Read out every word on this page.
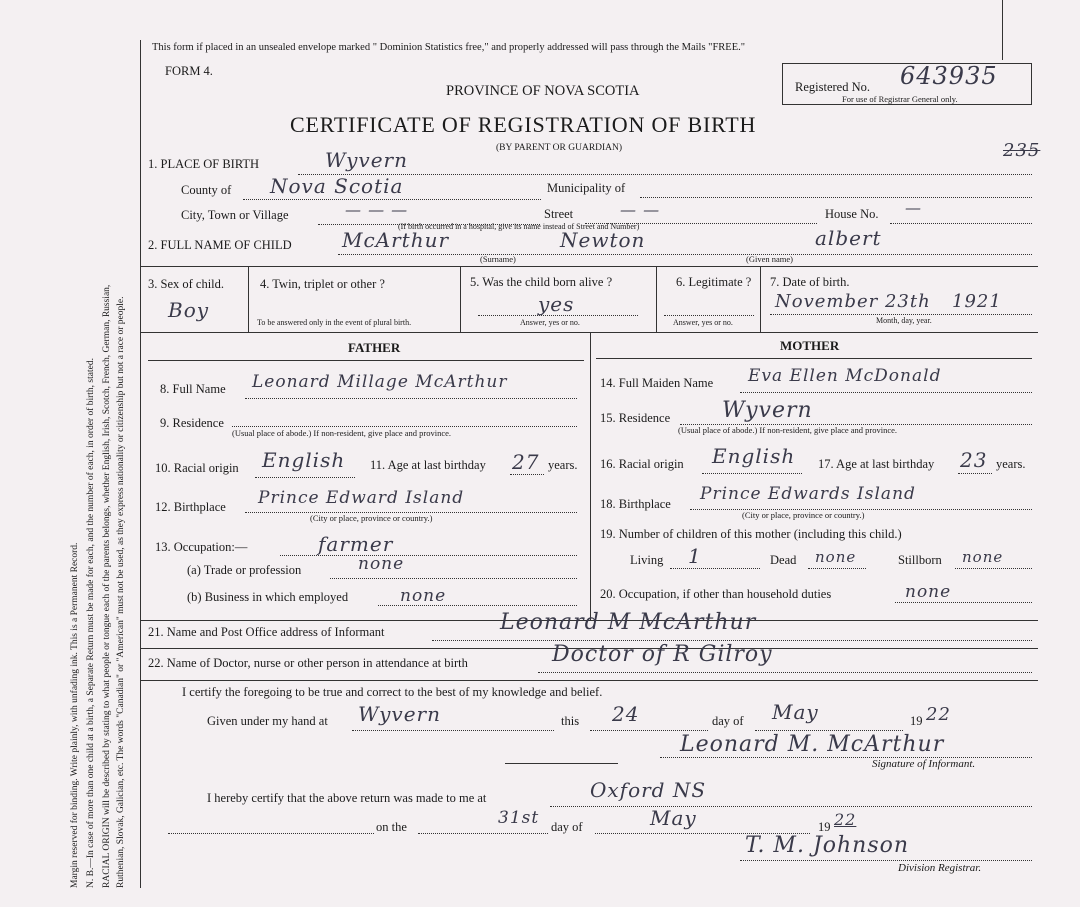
Margin reserved for binding. Write plainly, with unfading ink. This is a Permanent Record. N. B.—In case of more than one child at a birth, a Separate Return must be made for each, and the number of each, in order of birth, stated. RACIAL ORIGIN will be described by stating to what people or tongue each of the parents belongs, whether English, Irish, Scotch, French, German, Russian, Ruthenian, Slovak, Galician, etc. The words "Canadian" or "American" must not be used, as they express nationality or citizenship but not a race or people.
This form if placed in an unsealed envelope marked " Dominion Statistics free," and properly addressed will pass through the Mails "FREE."
FORM 4.
PROVINCE OF NOVA SCOTIA
CERTIFICATE OF REGISTRATION OF BIRTH
(BY PARENT OR GUARDIAN)
Registered No. 643935
For use of Registrar General only.
235
1. PLACE OF BIRTH	Wyvern
County of Nova Scotia	Municipality of
City, Town or Village	— — —	Street	— —	House No. —
(If birth occurred in a hospital, give its name instead of Street and Number)
2. FULL NAME OF CHILD	McArthur	Newton	albert
(Surname)	(Given name)
3. Sex of child.
Boy
4. Twin, triplet or other ?
To be answered only in the event of plural birth.
5. Was the child born alive ?
yes
Answer, yes or no.
6. Legitimate ?
Answer, yes or no.
7. Date of birth.
November 23th 1921
Month, day, year.
FATHER	MOTHER
8. Full Name Leonard Millage McArthur
9. Residence
(Usual place of abode.) If non-resident, give place and province.
10. Racial origin English 11. Age at last birthday 27 years.
12. Birthplace Prince Edward Island
(City or place, province or country.)
13. Occupation:—	farmer
(a) Trade or profession	none
(b) Business in which employed	none
14. Full Maiden Name Eva Ellen McDonald
15. Residence Wyvern
(Usual place of abode.) If non-resident, give place and province.
16. Racial origin English 17. Age at last birthday 23 years.
18. Birthplace Prince Edwards Island
(City or place, province or country.)
19. Number of children of this mother (including this child.)
Living 1	Dead none	Stillborn none
20. Occupation, if other than household duties	none
21. Name and Post Office address of Informant	Leonard M McArthur
22. Name of Doctor, nurse or other person in attendance at birth	Doctor of R Gilroy
I certify the foregoing to be true and correct to the best of my knowledge and belief.
Given under my hand at Wyvern	this 24	day of May	19 22
Leonard M. McArthur
Signature of Informant.
I hereby certify that the above return was made to me at	Oxford NS
on the	31st day of	May	19 22
T. M. Johnson
Division Registrar.
